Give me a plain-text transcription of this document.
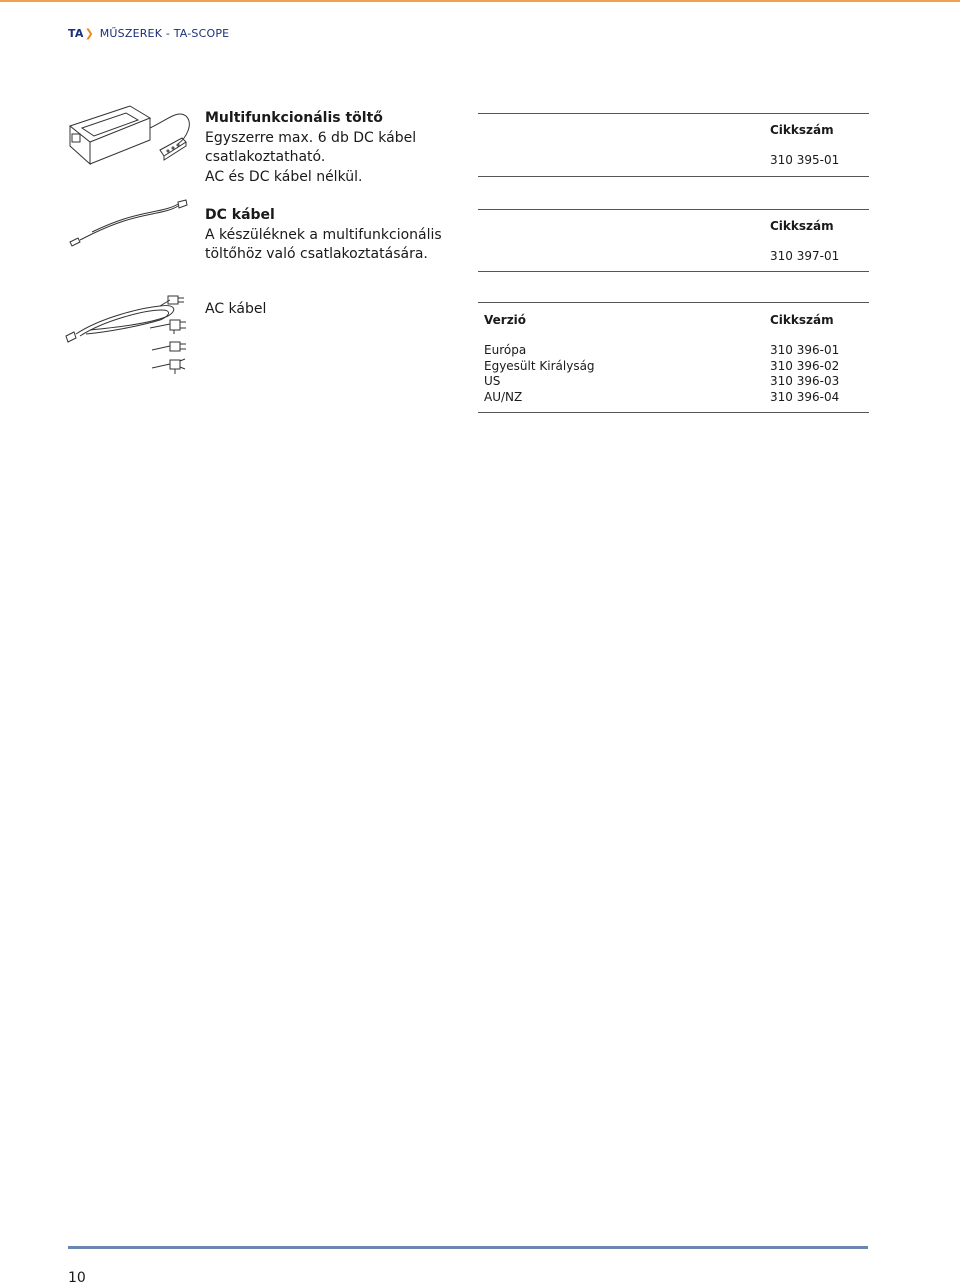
TA❯ MŰSZEREK - TA-SCOPE
Multifunkcionális töltő
Egyszerre max. 6 db DC kábel
csatlakoztatható.
AC és DC kábel nélkül.
Cikkszám
310 395-01
DC kábel
A készüléknek a multifunkcionális
töltőhöz való csatlakoztatására.
Cikkszám
310 397-01
AC kábel
Verzió	Cikkszám
Európa	310 396-01
Egyesült Királyság	310 396-02
US	310 396-03
AU/NZ	310 396-04
10
